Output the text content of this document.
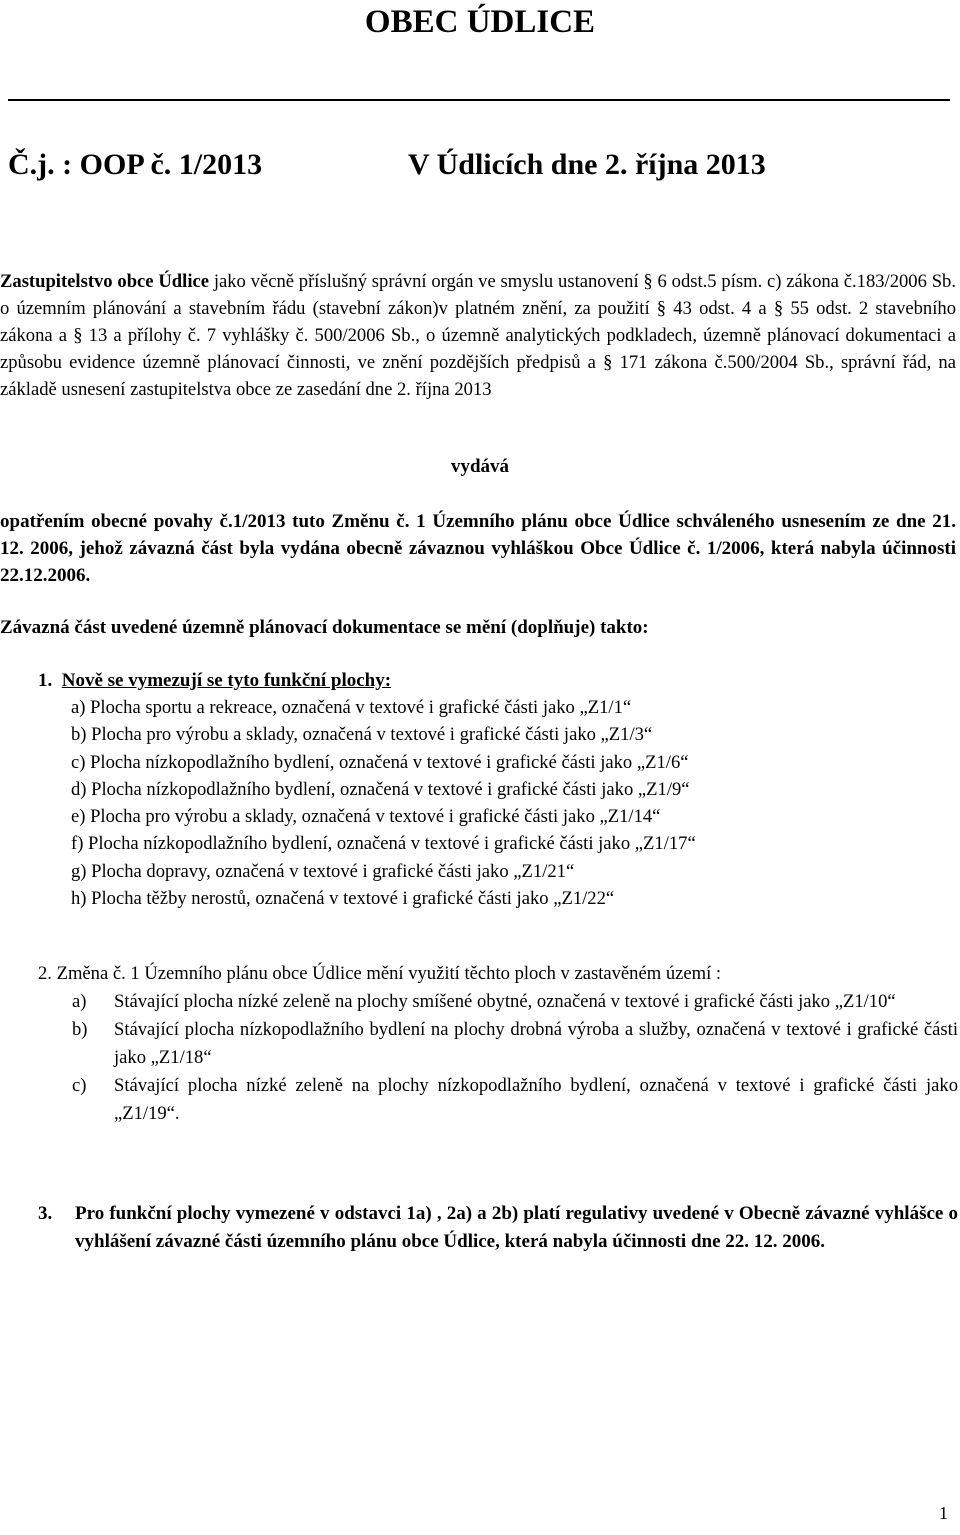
OBEC ÚDLICE
Č.j. : OOP č. 1/2013	V Údlicích dne 2. října 2013

Zastupitelstvo obce Údlice jako věcně příslušný správní orgán ve smyslu ustanovení § 6 odst.5 písm. c) zákona č.183/2006 Sb. o územním plánování a stavebním řádu (stavební zákon)v platném znění, za použití § 43 odst. 4 a § 55 odst. 2 stavebního zákona a § 13 a přílohy č. 7 vyhlášky č. 500/2006 Sb., o územně analytických podkladech, územně plánovací dokumentaci a způsobu evidence územně plánovací činnosti, ve znění pozdějších předpisů a § 171 zákona č.500/2004 Sb., správní řád, na základě usnesení zastupitelstva obce ze zasedání dne 2. října 2013

vydává

opatřením obecné povahy č.1/2013 tuto Změnu č. 1 Územního plánu obce Údlice schváleného usnesením ze dne 21. 12. 2006, jehož závazná část byla vydána obecně závaznou vyhláškou Obce Údlice č. 1/2006, která nabyla účinnosti 22.12.2006.

Závazná část uvedené územně plánovací dokumentace se mění (doplňuje) takto:
1. Nově se vymezují se tyto funkční plochy:
a) Plocha sportu a rekreace, označená v textové i grafické části jako „Z1/1“
b) Plocha pro výrobu a sklady, označená v textové i grafické části jako „Z1/3“
c) Plocha nízkopodlažního bydlení, označená v textové i grafické části jako „Z1/6“
d) Plocha nízkopodlažního bydlení, označená v textové i grafické části jako „Z1/9“
e) Plocha pro výrobu a sklady, označená v textové i grafické části jako „Z1/14“
f) Plocha nízkopodlažního bydlení, označená v textové i grafické části jako „Z1/17“
g) Plocha dopravy, označená v textové i grafické části jako „Z1/21“
h) Plocha těžby nerostů, označená v textové i grafické části jako „Z1/22“

2. Změna č. 1 Územního plánu obce Údlice mění využití těchto ploch v zastavěném území :

a) Stávající plocha nízké zeleně na plochy smíšené obytné, označená v textové i grafické části jako „Z1/10“
b) Stávající plocha nízkopodlažního bydlení na plochy drobná výroba a služby, označená v textové i grafické části jako „Z1/18“
c) Stávající plocha nízké zeleně na plochy nízkopodlažního bydlení, označená v textové i grafické části jako „Z1/19“.
3.	Pro funkční plochy vymezené v odstavci 1a) , 2a) a 2b) platí regulativy uvedené v Obecně závazné vyhlášce o vyhlášení závazné části územního plánu obce Údlice, která nabyla účinnosti dne 22. 12. 2006.

1
